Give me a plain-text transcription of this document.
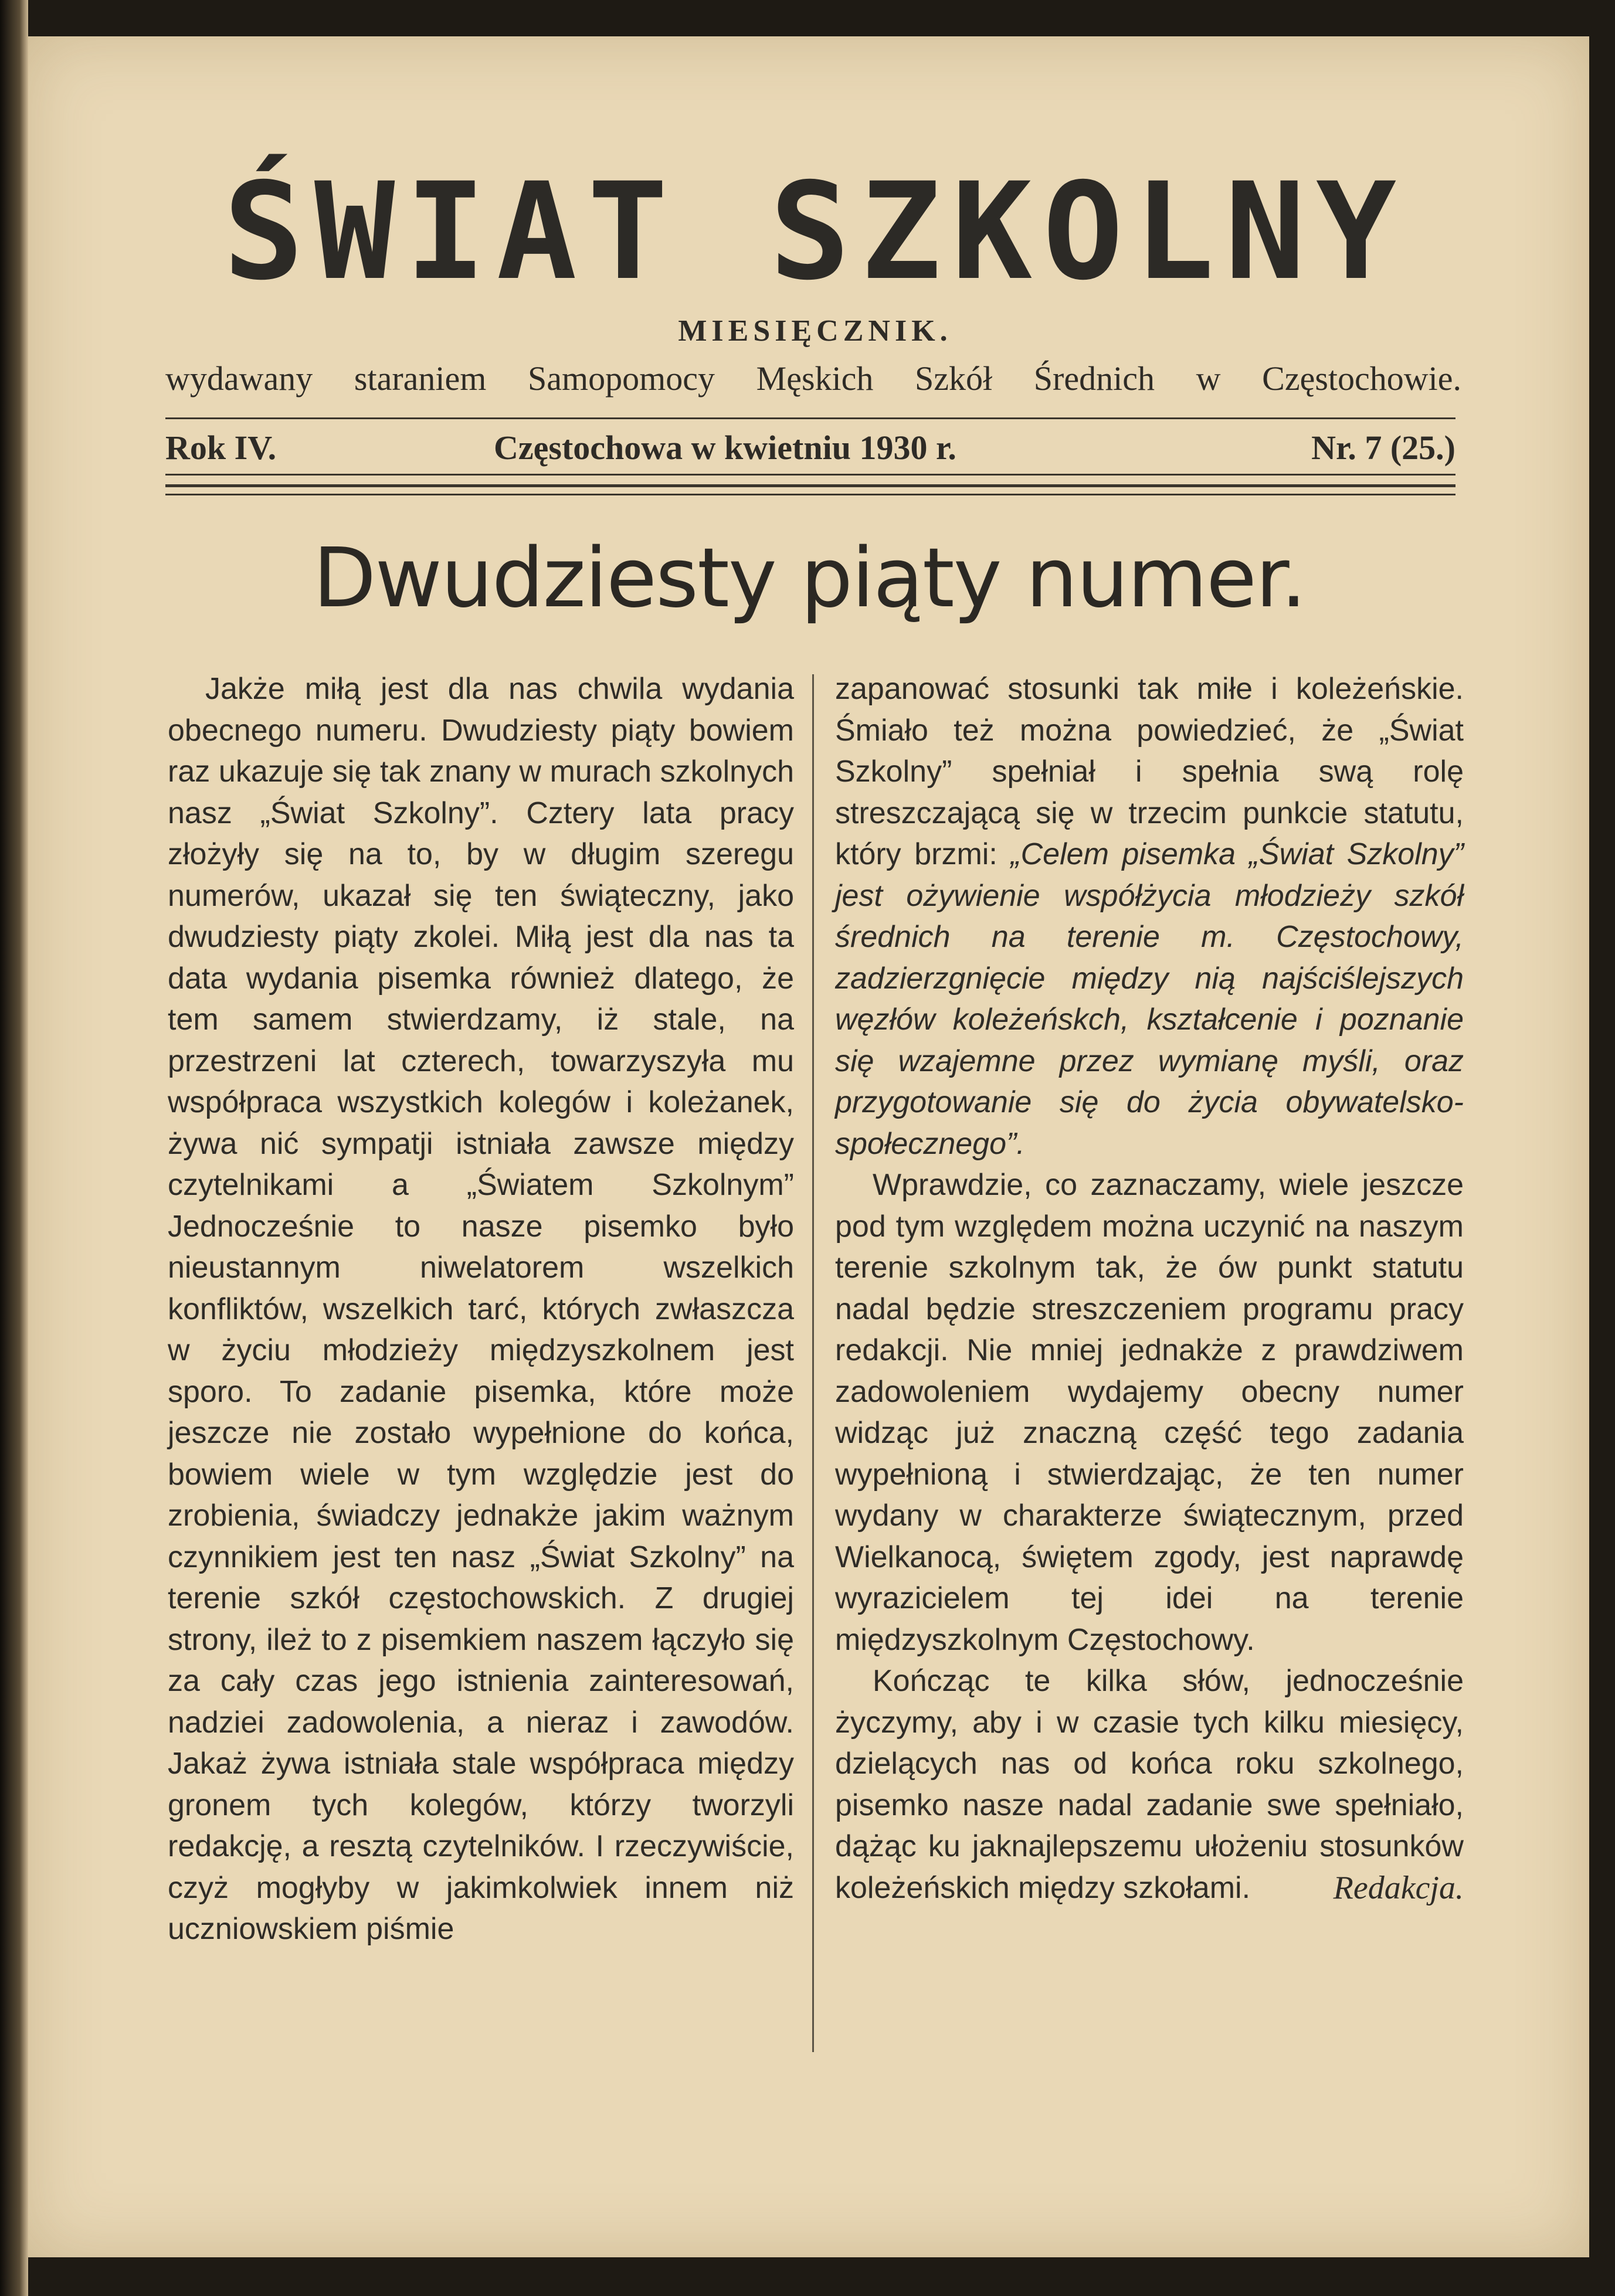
ŚWIAT SZKOLNY
MIESIĘCZNIK.
wydawany staraniem Samopomocy Męskich Szkół Średnich w Częstochowie.
Rok IV.	Częstochowa w kwietniu 1930 r.	Nr. 7 (25.)
Dwudziesty piąty numer.

Jakże miłą jest dla nas chwila wydania obecnego numeru. Dwudziesty piąty bowiem raz ukazuje się tak znany w murach szkolnych nasz „Świat Szkolny”. Cztery lata pracy złożyły się na to, by w długim szeregu numerów, ukazał się ten świąteczny, jako dwudziesty piąty zkolei. Miłą jest dla nas ta data wydania pisemka również dlatego, że tem samem stwierdzamy, iż stale, na przestrzeni lat czterech, towarzyszyła mu współpraca wszystkich kolegów i koleżanek, żywa nić sympatji istniała zawsze między czytelnikami a „Światem Szkolnym” Jednocześnie to nasze pisemko było nieustannym niwelatorem wszelkich konfliktów, wszelkich tarć, których zwłaszcza w życiu młodzieży międzyszkolnem jest sporo. To zadanie pisemka, które może jeszcze nie zostało wypełnione do końca, bowiem wiele w tym względzie jest do zrobienia, świadczy jednakże jakim ważnym czynnikiem jest ten nasz „Świat Szkolny” na terenie szkół częstochowskich. Z drugiej strony, ileż to z pisemkiem naszem łączyło się za cały czas jego istnienia zainteresowań, nadziei zadowolenia, a nieraz i zawodów. Jakaż żywa istniała stale współpraca między gronem tych kolegów, którzy tworzyli redakcję, a resztą czytelników. I rzeczywiście, czyż mogłyby w jakimkolwiek innem niż uczniowskiem piśmie

zapanować stosunki tak miłe i koleżeńskie. Śmiało też można powiedzieć, że „Świat Szkolny” spełniał i spełnia swą rolę streszczającą się w trzecim punkcie statutu, który brzmi: „Celem pisemka „Świat Szkolny” jest ożywienie współżycia młodzieży szkół średnich na terenie m. Częstochowy, zadzierzgnięcie między nią najściślejszych węzłów koleżeńskch, kształcenie i poznanie się wzajemne przez wymianę myśli, oraz przygotowanie się do życia obywatelsko-społecznego”.

Wprawdzie, co zaznaczamy, wiele jeszcze pod tym względem można uczynić na naszym terenie szkolnym tak, że ów punkt statutu nadal będzie streszczeniem programu pracy redakcji. Nie mniej jednakże z prawdziwem zadowoleniem wydajemy obecny numer widząc już znaczną część tego zadania wypełnioną i stwierdzając, że ten numer wydany w charakterze świątecznym, przed Wielkanocą, świętem zgody, jest naprawdę wyrazicielem tej idei na terenie międzyszkolnym Częstochowy.

Kończąc te kilka słów, jednocześnie życzymy, aby i w czasie tych kilku miesięcy, dzielących nas od końca roku szkolnego, pisemko nasze nadal zadanie swe spełniało, dążąc ku jaknajlepszemu ułożeniu stosunków koleżeńskich między szkołami.	Redakcja.
